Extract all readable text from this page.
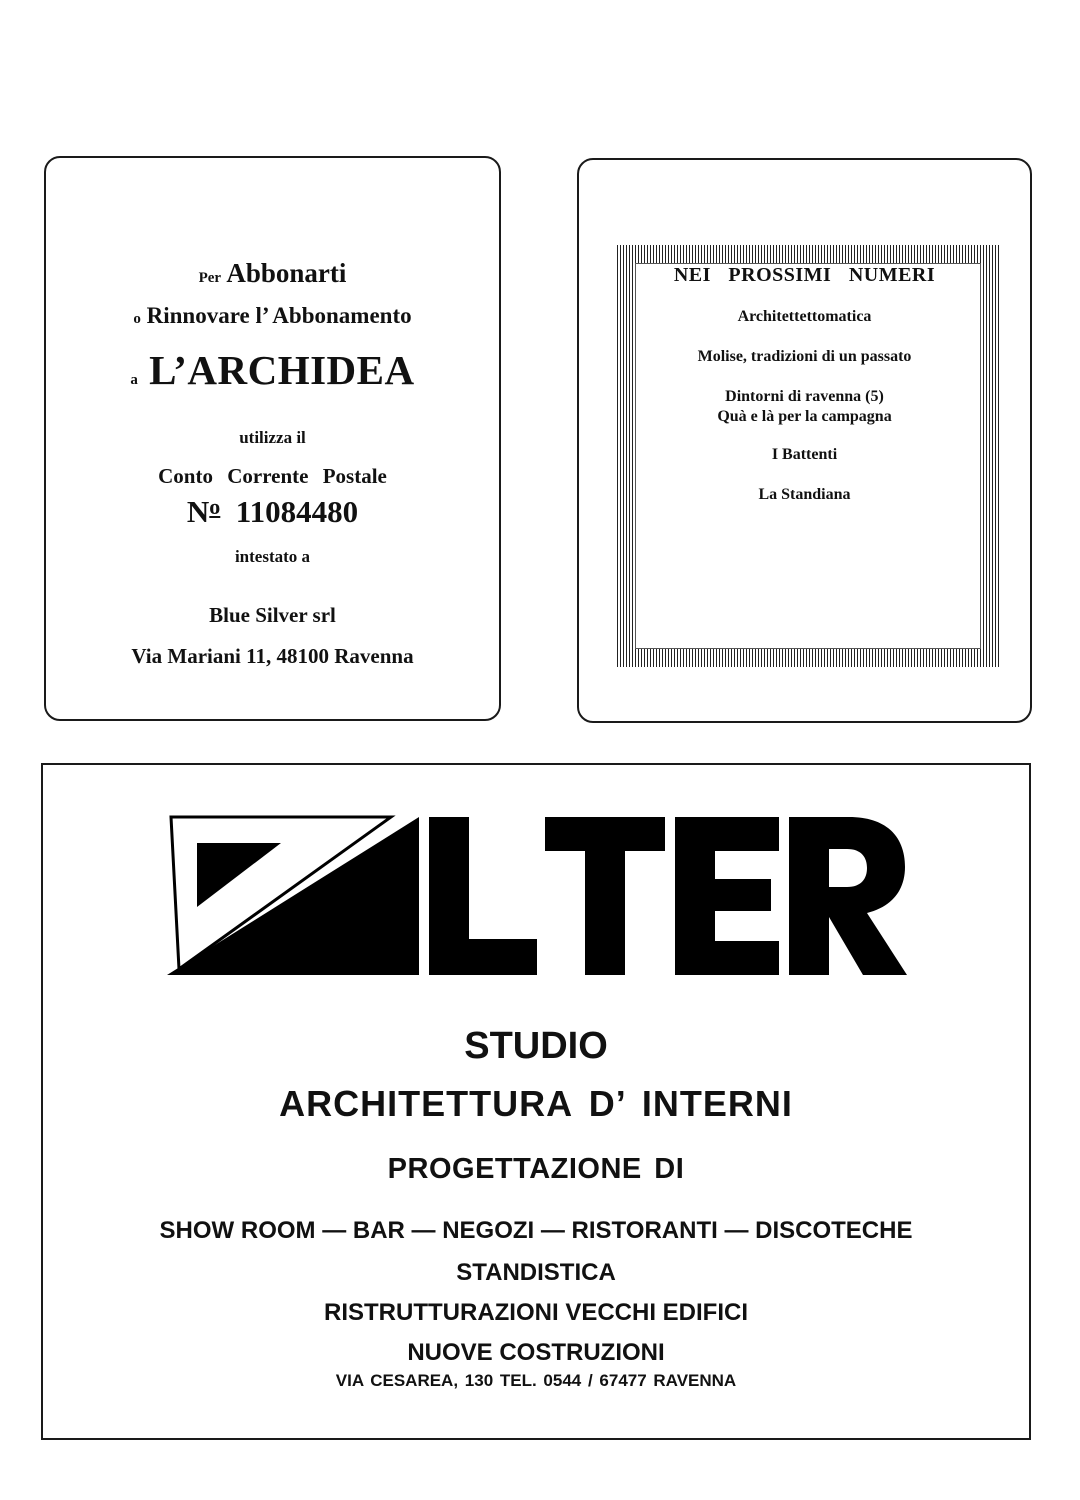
Per Abbonarti
o Rinnovare l’ Abbonamento
a L’ARCHIDEA
utilizza il
Conto Corrente Postale
$N^o$ 11084480
intestato a
Blue Silver srl
Via Mariani 11, 48100 Ravenna
NEI PROSSIMI NUMERI
Architettettomatica
Molise, tradizioni di un passato
Dintorni di ravenna (5)
Quà e là per la campagna
I Battenti
La Standiana
STUDIO
ARCHITETTURA D’ INTERNI
PROGETTAZIONE DI
SHOW ROOM — BAR — NEGOZI — RISTORANTI — DISCOTECHE
STANDISTICA
RISTRUTTURAZIONI VECCHI EDIFICI
NUOVE COSTRUZIONI
VIA CESAREA, 130 TEL. 0544 / 67477 RAVENNA
